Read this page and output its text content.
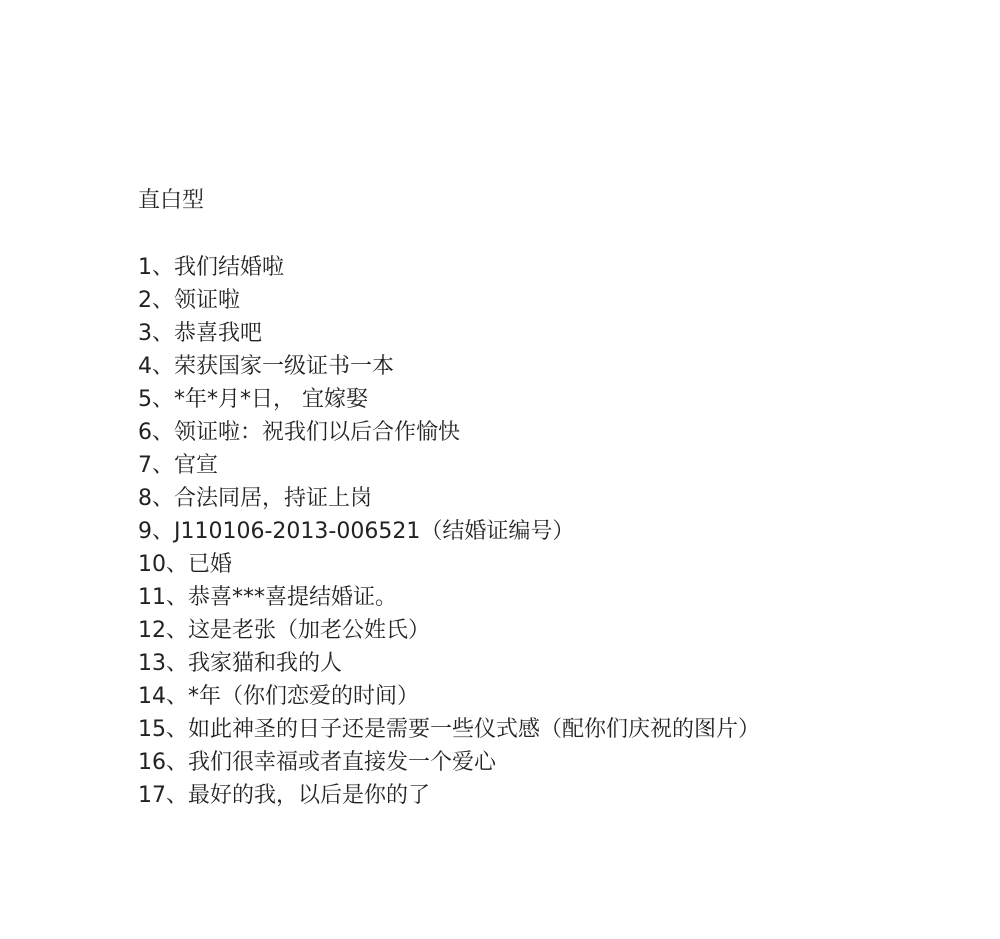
直白型
1、我们结婚啦
2、领证啦
3、恭喜我吧
4、荣获国家一级证书一本
5、*年*月*日， 宜嫁娶
6、领证啦：祝我们以后合作愉快
7、官宣
8、合法同居，持证上岗
9、J110106-2013-006521（结婚证编号）
10、已婚
11、恭喜***喜提结婚证。
12、这是老张（加老公姓氏）
13、我家猫和我的人
14、*年（你们恋爱的时间）
15、如此神圣的日子还是需要一些仪式感（配你们庆祝的图片）
16、我们很幸福或者直接发一个爱心
17、最好的我，以后是你的了
